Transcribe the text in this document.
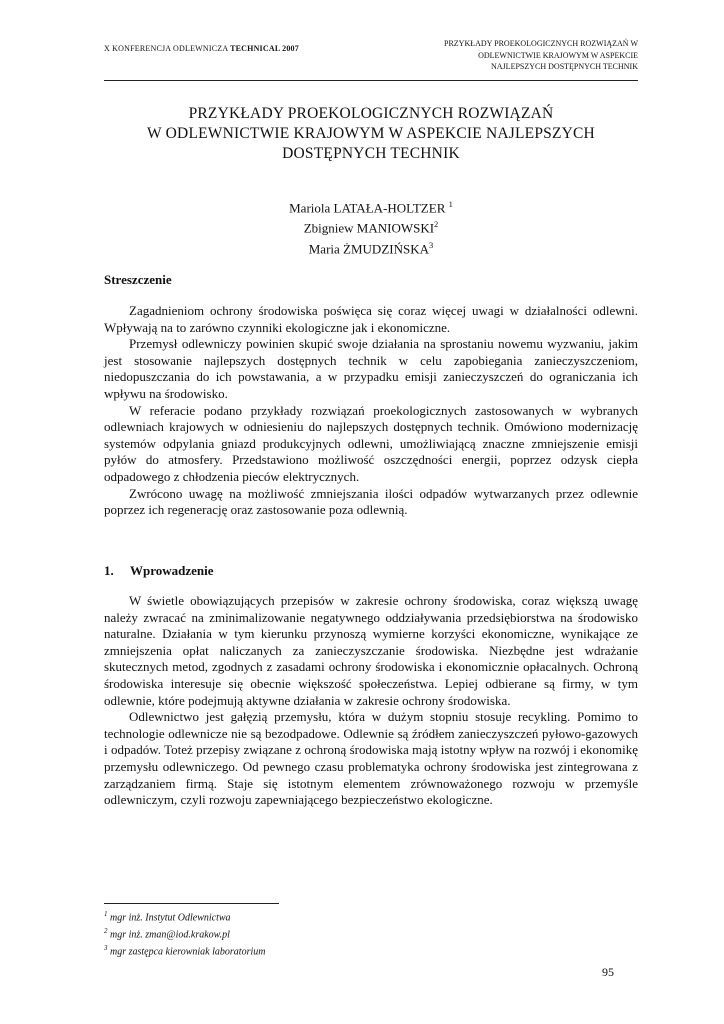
X KONFERENCJA ODLEWNICZA TECHNICAL 2007
PRZYKŁADY PROEKOLOGICZNYCH ROZWIĄZAŃ W
ODLEWNICTWIE KRAJOWYM W ASPEKCIE
NAJLEPSZYCH DOSTĘPNYCH TECHNIK
PRZYKŁADY PROEKOLOGICZNYCH ROZWIĄZAŃ
W ODLEWNICTWIE KRAJOWYM W ASPEKCIE NAJLEPSZYCH
DOSTĘPNYCH TECHNIK
Mariola LATAŁA-HOLTZER $^1$
Zbigniew MANIOWSKI$^2$
Maria ŻMUDZIŃSKA$^3$
Streszczenie

Zagadnieniom ochrony środowiska poświęca się coraz więcej uwagi w działalności odlewni. Wpływają na to zarówno czynniki ekologiczne jak i ekonomiczne.

Przemysł odlewniczy powinien skupić swoje działania na sprostaniu nowemu wyzwaniu, jakim jest stosowanie najlepszych dostępnych technik w celu zapobiegania zanieczyszczeniom, niedopuszczania do ich powstawania, a w przypadku emisji zanieczyszczeń do ograniczania ich wpływu na środowisko.

W referacie podano przykłady rozwiązań proekologicznych zastosowanych w wybranych odlewniach krajowych w odniesieniu do najlepszych dostępnych technik. Omówiono modernizację systemów odpylania gniazd produkcyjnych odlewni, umożliwiającą znaczne zmniejszenie emisji pyłów do atmosfery. Przedstawiono możliwość oszczędności energii, poprzez odzysk ciepła odpadowego z chłodzenia pieców elektrycznych.

Zwrócono uwagę na możliwość zmniejszania ilości odpadów wytwarzanych przez odlewnie poprzez ich regenerację oraz zastosowanie poza odlewnią.

1. Wprowadzenie

W świetle obowiązujących przepisów w zakresie ochrony środowiska, coraz większą uwagę należy zwracać na zminimalizowanie negatywnego oddziaływania przedsiębiorstwa na środowisko naturalne. Działania w tym kierunku przynoszą wymierne korzyści ekonomiczne, wynikające ze zmniejszenia opłat naliczanych za zanieczyszczanie środowiska. Niezbędne jest wdrażanie skutecznych metod, zgodnych z zasadami ochrony środowiska i ekonomicznie opłacalnych. Ochroną środowiska interesuje się obecnie większość społeczeństwa. Lepiej odbierane są firmy, w tym odlewnie, które podejmują aktywne działania w zakresie ochrony środowiska.

Odlewnictwo jest gałęzią przemysłu, która w dużym stopniu stosuje recykling. Pomimo to technologie odlewnicze nie są bezodpadowe. Odlewnie są źródłem zanieczyszczeń pyłowo-gazowych i odpadów. Toteż przepisy związane z ochroną środowiska mają istotny wpływ na rozwój i ekonomikę przemysłu odlewniczego. Od pewnego czasu problematyka ochrony środowiska jest zintegrowana z zarządzaniem firmą. Staje się istotnym elementem zrównoważonego rozwoju w przemyśle odlewniczym, czyli rozwoju zapewniającego bezpieczeństwo ekologiczne.

$^1$ mgr inż. Instytut Odlewnictwa
$^2$ mgr inż. zman@iod.krakow.pl
$^3$ mgr zastępca kierowniak laboratorium
95
